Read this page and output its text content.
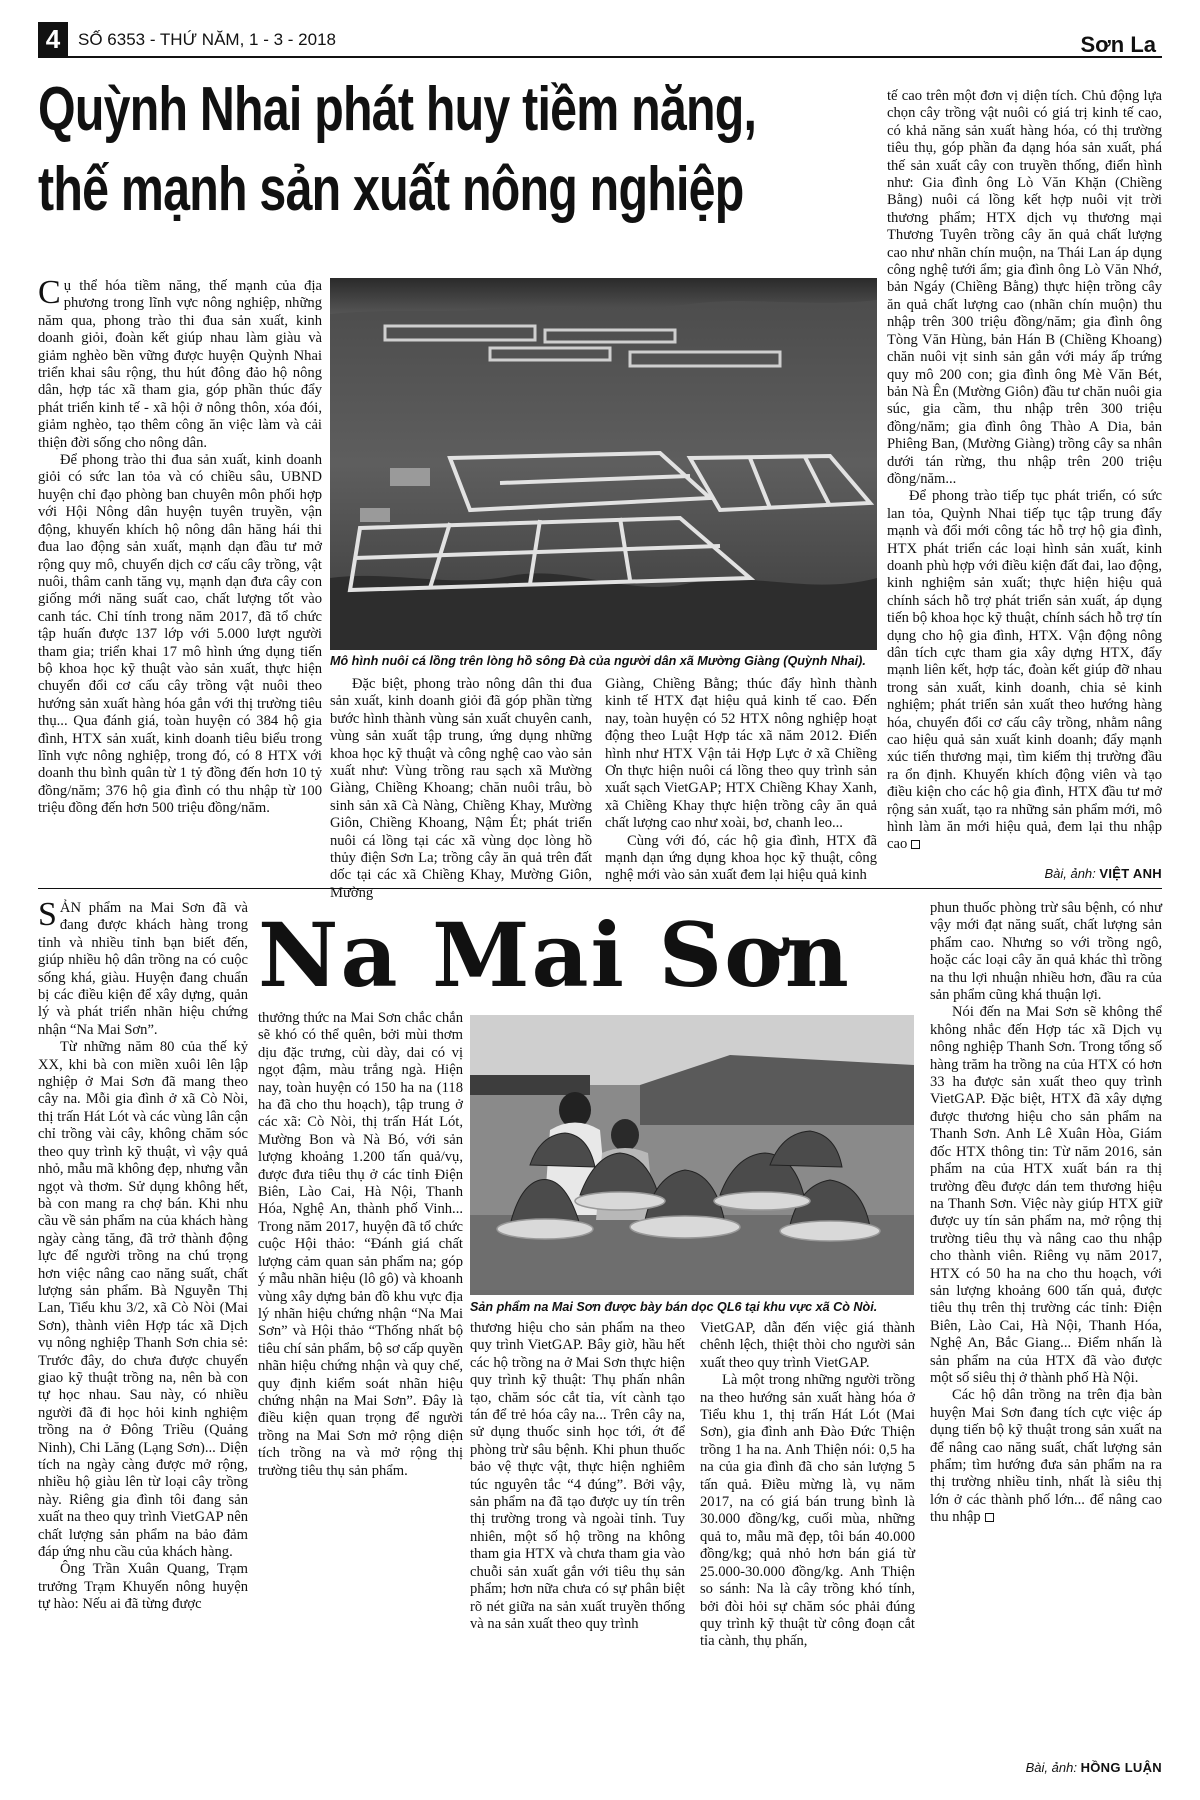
4	SỐ 6353 - THỨ NĂM, 1 - 3 - 2018	Sơn La
Quỳnh Nhai phát huy tiềm năng,
thế mạnh sản xuất nông nghiệp

Cụ thể hóa tiềm năng, thế mạnh của địa phương trong lĩnh vực nông nghiệp, những năm qua, phong trào thi đua sản xuất, kinh doanh giỏi, đoàn kết giúp nhau làm giàu và giảm nghèo bền vững được huyện Quỳnh Nhai triển khai sâu rộng, thu hút đông đảo hộ nông dân, hợp tác xã tham gia, góp phần thúc đẩy phát triển kinh tế - xã hội ở nông thôn, xóa đói, giảm nghèo, tạo thêm công ăn việc làm và cải thiện đời sống cho nông dân.

Để phong trào thi đua sản xuất, kinh doanh giỏi có sức lan tỏa và có chiều sâu, UBND huyện chỉ đạo phòng ban chuyên môn phối hợp với Hội Nông dân huyện tuyên truyền, vận động, khuyến khích hộ nông dân hăng hái thi đua lao động sản xuất, mạnh dạn đầu tư mở rộng quy mô, chuyển dịch cơ cấu cây trồng, vật nuôi, thâm canh tăng vụ, mạnh dạn đưa cây con giống mới năng suất cao, chất lượng tốt vào canh tác. Chỉ tính trong năm 2017, đã tổ chức tập huấn được 137 lớp với 5.000 lượt người tham gia; triển khai 17 mô hình ứng dụng tiến bộ khoa học kỹ thuật vào sản xuất, thực hiện chuyển đổi cơ cấu cây trồng vật nuôi theo hướng sản xuất hàng hóa gắn với thị trường tiêu thụ... Qua đánh giá, toàn huyện có 384 hộ gia đình, HTX sản xuất, kinh doanh tiêu biểu trong lĩnh vực nông nghiệp, trong đó, có 8 HTX với doanh thu bình quân từ 1 tỷ đồng đến hơn 10 tỷ đồng/năm; 376 hộ gia đình có thu nhập từ 100 triệu đồng đến hơn 500 triệu đồng/năm.

Mô hình nuôi cá lồng trên lòng hồ sông Đà của người dân xã Mường Giàng (Quỳnh Nhai).

Đặc biệt, phong trào nông dân thi đua sản xuất, kinh doanh giỏi đã góp phần từng bước hình thành vùng sản xuất chuyên canh, vùng sản xuất tập trung, ứng dụng những khoa học kỹ thuật và công nghệ cao vào sản xuất như: Vùng trồng rau sạch xã Mường Giàng, Chiềng Khoang; chăn nuôi trâu, bò sinh sản xã Cà Nàng, Chiềng Khay, Mường Giôn, Chiềng Khoang, Nậm Ét; phát triển nuôi cá lồng tại các xã vùng dọc lòng hồ thủy điện Sơn La; trồng cây ăn quả trên đất dốc tại các xã Chiềng Khay, Mường Giôn, Mường

Giàng, Chiềng Bằng; thúc đẩy hình thành kinh tế HTX đạt hiệu quả kinh tế cao. Đến nay, toàn huyện có 52 HTX nông nghiệp hoạt động theo Luật Hợp tác xã năm 2012. Điển hình như HTX Vận tải Hợp Lực ở xã Chiềng Ơn thực hiện nuôi cá lồng theo quy trình sản xuất sạch VietGAP; HTX Chiềng Khay Xanh, xã Chiềng Khay thực hiện trồng cây ăn quả chất lượng cao như xoài, bơ, chanh leo...

Cùng với đó, các hộ gia đình, HTX đã mạnh dạn ứng dụng khoa học kỹ thuật, công nghệ mới vào sản xuất đem lại hiệu quả kinh

tế cao trên một đơn vị diện tích. Chủ động lựa chọn cây trồng vật nuôi có giá trị kinh tế cao, có khả năng sản xuất hàng hóa, có thị trường tiêu thụ, góp phần đa dạng hóa sản xuất, phá thế sản xuất cây con truyền thống, điển hình như: Gia đình ông Lò Văn Khặn (Chiềng Bằng) nuôi cá lồng kết hợp nuôi vịt trời thương phẩm; HTX dịch vụ thương mại Thương Tuyên trồng cây ăn quả chất lượng cao như nhãn chín muộn, na Thái Lan áp dụng công nghệ tưới ẩm; gia đình ông Lò Văn Nhớ, bản Ngáy (Chiềng Bằng) thực hiện trồng cây ăn quả chất lượng cao (nhãn chín muộn) thu nhập trên 300 triệu đồng/năm; gia đình ông Tòng Văn Hùng, bản Hán B (Chiềng Khoang) chăn nuôi vịt sinh sản gắn với máy ấp trứng quy mô 200 con; gia đình ông Mè Văn Bét, bản Nà Ên (Mường Giôn) đầu tư chăn nuôi gia súc, gia cầm, thu nhập trên 300 triệu đồng/năm; gia đình ông Thào A Dia, bản Phiêng Ban, (Mường Giàng) trồng cây sa nhân dưới tán rừng, thu nhập trên 200 triệu đồng/năm...

Để phong trào tiếp tục phát triển, có sức lan tỏa, Quỳnh Nhai tiếp tục tập trung đẩy mạnh và đổi mới công tác hỗ trợ hộ gia đình, HTX phát triển các loại hình sản xuất, kinh doanh phù hợp với điều kiện đất đai, lao động, kinh nghiệm sản xuất; thực hiện hiệu quả chính sách hỗ trợ phát triển sản xuất, áp dụng tiến bộ khoa học kỹ thuật, chính sách hỗ trợ tín dụng cho hộ gia đình, HTX. Vận động nông dân tích cực tham gia xây dựng HTX, đẩy mạnh liên kết, hợp tác, đoàn kết giúp đỡ nhau trong sản xuất, kinh doanh, chia sẻ kinh nghiệm; phát triển sản xuất theo hướng hàng hóa, chuyển đổi cơ cấu cây trồng, nhằm nâng cao hiệu quả sản xuất kinh doanh; đẩy mạnh xúc tiến thương mại, tìm kiếm thị trường đầu ra ổn định. Khuyến khích động viên và tạo điều kiện cho các hộ gia đình, HTX đầu tư mở rộng sản xuất, tạo ra những sản phẩm mới, mô hình làm ăn mới hiệu quả, đem lại thu nhập cao

Bài, ảnh: VIỆT ANH

SẢN phẩm na Mai Sơn đã và đang được khách hàng trong tỉnh và nhiều tỉnh bạn biết đến, giúp nhiều hộ dân trồng na có cuộc sống khá, giàu. Huyện đang chuẩn bị các điều kiện để xây dựng, quản lý và phát triển nhãn hiệu chứng nhận “Na Mai Sơn”.

Từ những năm 80 của thế kỷ XX, khi bà con miền xuôi lên lập nghiệp ở Mai Sơn đã mang theo cây na. Mỗi gia đình ở xã Cò Nòi, thị trấn Hát Lót và các vùng lân cận chỉ trồng vài cây, không chăm sóc theo quy trình kỹ thuật, vì vậy quả nhỏ, mẫu mã không đẹp, nhưng vẫn ngọt và thơm. Sử dụng không hết, bà con mang ra chợ bán. Khi nhu cầu về sản phẩm na của khách hàng ngày càng tăng, đã trở thành động lực để người trồng na chú trọng hơn việc nâng cao năng suất, chất lượng sản phẩm. Bà Nguyễn Thị Lan, Tiểu khu 3/2, xã Cò Nòi (Mai Sơn), thành viên Hợp tác xã Dịch vụ nông nghiệp Thanh Sơn chia sẻ: Trước đây, do chưa được chuyển giao kỹ thuật trồng na, nên bà con tự học nhau. Sau này, có nhiều người đã đi học hỏi kinh nghiệm trồng na ở Đông Triều (Quảng Ninh), Chi Lăng (Lạng Sơn)... Diện tích na ngày càng được mở rộng, nhiều hộ giàu lên từ loại cây trồng này. Riêng gia đình tôi đang sản xuất na theo quy trình VietGAP nên chất lượng sản phẩm na bảo đảm đáp ứng nhu cầu của khách hàng.

Ông Trần Xuân Quang, Trạm trưởng Trạm Khuyến nông huyện tự hào: Nếu ai đã từng được

Na Mai Sơn

thưởng thức na Mai Sơn chắc chắn sẽ khó có thể quên, bởi mùi thơm dịu đặc trưng, cùi dày, dai có vị ngọt đậm, màu trắng ngà. Hiện nay, toàn huyện có 150 ha na (118 ha đã cho thu hoạch), tập trung ở các xã: Cò Nòi, thị trấn Hát Lót, Mường Bon và Nà Bó, với sản lượng khoảng 1.200 tấn quả/vụ, được đưa tiêu thụ ở các tỉnh Điện Biên, Lào Cai, Hà Nội, Thanh Hóa, Nghệ An, thành phố Vinh... Trong năm 2017, huyện đã tổ chức cuộc Hội thảo: “Đánh giá chất lượng cảm quan sản phẩm na; góp ý mẫu nhãn hiệu (lô gô) và khoanh vùng xây dựng bản đồ khu vực địa lý nhãn hiệu chứng nhận “Na Mai Sơn” và Hội thảo “Thống nhất bộ tiêu chí sản phẩm, bộ sơ cấp quyền nhãn hiệu chứng nhận và quy chế, quy định kiểm soát nhãn hiệu chứng nhận na Mai Sơn”. Đây là điều kiện quan trọng để người trồng na Mai Sơn mở rộng diện tích trồng na và mở rộng thị trường tiêu thụ sản phẩm.

Sản phẩm na Mai Sơn được bày bán dọc QL6 tại khu vực xã Cò Nòi.

thương hiệu cho sản phẩm na theo quy trình VietGAP. Bây giờ, hầu hết các hộ trồng na ở Mai Sơn thực hiện quy trình kỹ thuật: Thụ phấn nhân tạo, chăm sóc cắt tỉa, vít cành tạo tán để trẻ hóa cây na... Trên cây na, sử dụng thuốc sinh học tới, ớt để phòng trừ sâu bệnh. Khi phun thuốc bảo vệ thực vật, thực hiện nghiêm túc nguyên tắc “4 đúng”. Bởi vậy, sản phẩm na đã tạo được uy tín trên thị trường trong và ngoài tỉnh. Tuy nhiên, một số hộ trồng na không tham gia HTX và chưa tham gia vào chuỗi sản xuất gắn với tiêu thụ sản phẩm; hơn nữa chưa có sự phân biệt rõ nét giữa na sản xuất truyền thống và na sản xuất theo quy trình

VietGAP, dẫn đến việc giá thành chênh lệch, thiệt thòi cho người sản xuất theo quy trình VietGAP.

Là một trong những người trồng na theo hướng sản xuất hàng hóa ở Tiểu khu 1, thị trấn Hát Lót (Mai Sơn), gia đình anh Đào Đức Thiện trồng 1 ha na. Anh Thiện nói: 0,5 ha na của gia đình đã cho sản lượng 5 tấn quả. Điều mừng là, vụ năm 2017, na có giá bán trung bình là 30.000 đồng/kg, cuối mùa, những quả to, mẫu mã đẹp, tôi bán 40.000 đồng/kg; quả nhỏ hơn bán giá từ 25.000-30.000 đồng/kg. Anh Thiện so sánh: Na là cây trồng khó tính, bởi đòi hỏi sự chăm sóc phải đúng quy trình kỹ thuật từ công đoạn cắt tỉa cành, thụ phấn,

phun thuốc phòng trừ sâu bệnh, có như vậy mới đạt năng suất, chất lượng sản phẩm cao. Nhưng so với trồng ngô, hoặc các loại cây ăn quả khác thì trồng na thu lợi nhuận nhiều hơn, đầu ra của sản phẩm cũng khá thuận lợi.

Nói đến na Mai Sơn sẽ không thể không nhắc đến Hợp tác xã Dịch vụ nông nghiệp Thanh Sơn. Trong tổng số hàng trăm ha trồng na của HTX có hơn 33 ha được sản xuất theo quy trình VietGAP. Đặc biệt, HTX đã xây dựng được thương hiệu cho sản phẩm na Thanh Sơn. Anh Lê Xuân Hòa, Giám đốc HTX thông tin: Từ năm 2016, sản phẩm na của HTX xuất bán ra thị trường đều được dán tem thương hiệu na Thanh Sơn. Việc này giúp HTX giữ được uy tín sản phẩm na, mở rộng thị trường tiêu thụ và nâng cao thu nhập cho thành viên. Riêng vụ năm 2017, HTX có 50 ha na cho thu hoạch, với sản lượng khoảng 600 tấn quả, được tiêu thụ trên thị trường các tỉnh: Điện Biên, Lào Cai, Hà Nội, Thanh Hóa, Nghệ An, Bắc Giang... Điểm nhấn là sản phẩm na của HTX đã vào được một số siêu thị ở thành phố Hà Nội.

Các hộ dân trồng na trên địa bàn huyện Mai Sơn đang tích cực việc áp dụng tiến bộ kỹ thuật trong sản xuất na để nâng cao năng suất, chất lượng sản phẩm; tìm hướng đưa sản phẩm na ra thị trường nhiều tỉnh, nhất là siêu thị lớn ở các thành phố lớn... để nâng cao thu nhập

Bài, ảnh: HỒNG LUẬN
